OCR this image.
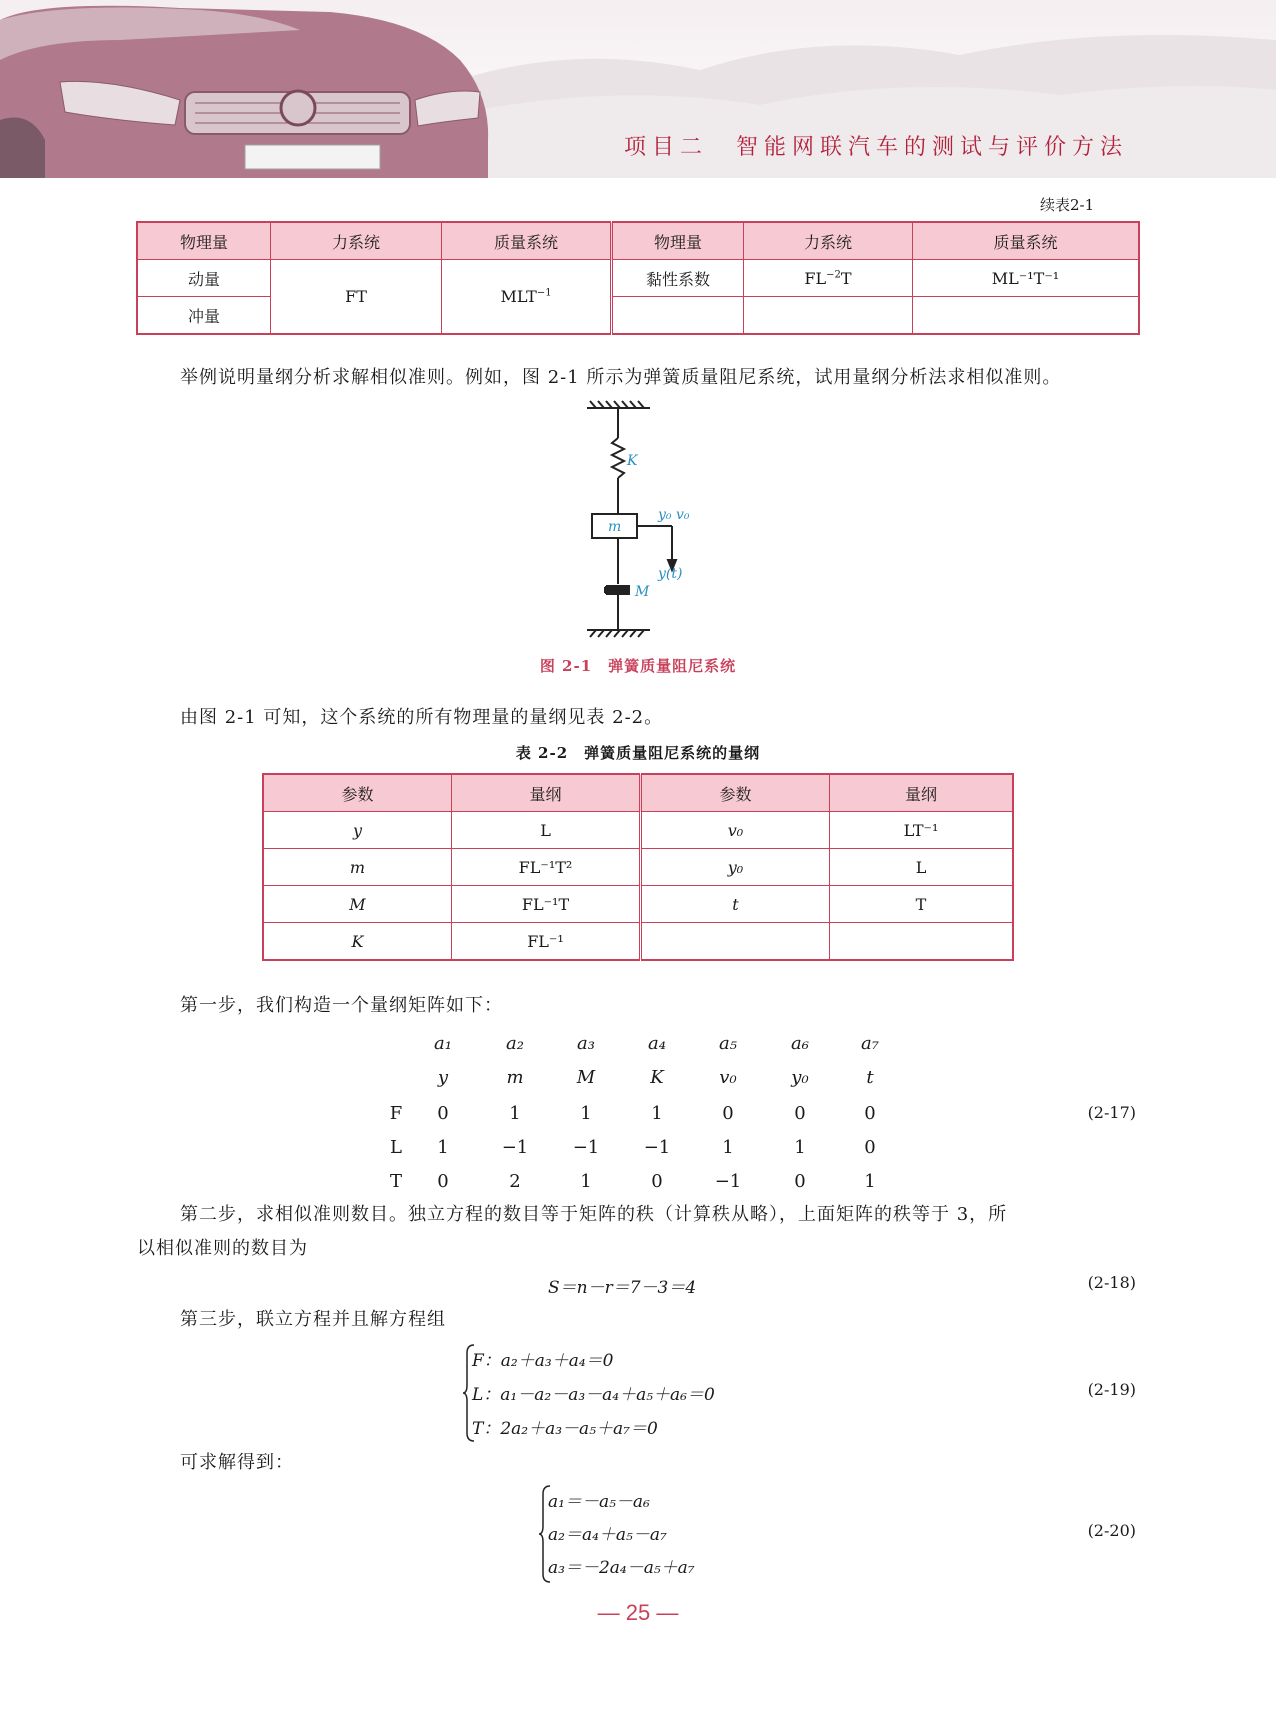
项目二　智能网联汽车的测试与评价方法
续表2-1
物理量	力系统	质量系统	物理量	力系统	质量系统
动量	FT	$MLT^{-1}$	黏性系数	$FL^{-2}T$	ML⁻¹T⁻¹
冲量					

举例说明量纲分析求解相似准则。例如，图 2-1 所示为弹簧质量阻尼系统，试用量纲分析法求相似准则。

K
m
y₀ v₀
y(t)
M
图 2-1　弹簧质量阻尼系统

由图 2-1 可知，这个系统的所有物理量的量纲见表 2-2。

表 2-2　弹簧质量阻尼系统的量纲
参数	量纲	参数	量纲
y	L	v₀	LT⁻¹
m	FL⁻¹T²	y₀	L
M	FL⁻¹T	t	T
K	FL⁻¹		

第一步，我们构造一个量纲矩阵如下：

a₁	a₂	a₃	a₄	a₅	a₆	a₇
y	m	M	K	v₀	y₀	t
F	0	1	1	1	0	0	0
L	1	−1	−1	−1	1	1	0
T	0	2	1	0	−1	0	1
(2-17)

第二步，求相似准则数目。独立方程的数目等于矩阵的秩（计算秩从略），上面矩阵的秩等于 3，所

以相似准则的数目为

S＝n－r＝7－3＝4	(2-18)

第三步，联立方程并且解方程组

F：a₂＋a₃＋a₄＝0
L：a₁－a₂－a₃－a₄＋a₅＋a₆＝0
T：2a₂＋a₃－a₅＋a₇＝0
(2-19)

可求解得到：

a₁＝－a₅－a₆
a₂＝a₄＋a₅－a₇
a₃＝－2a₄－a₅＋a₇
(2-20)
— 25 —
